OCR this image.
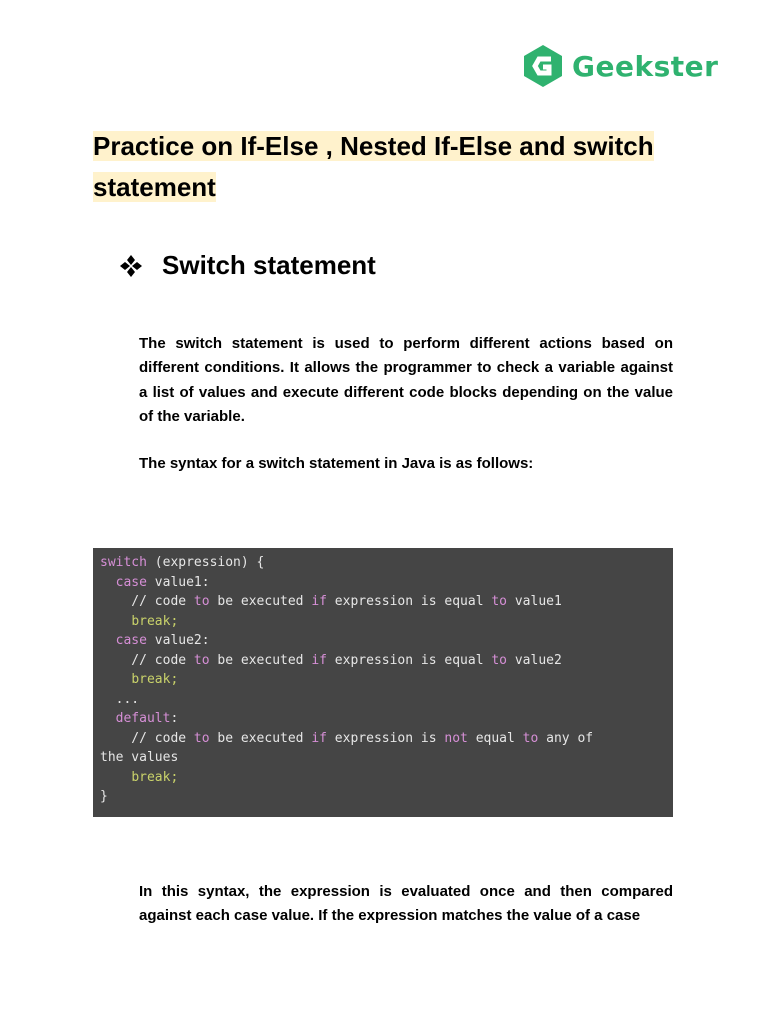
Geekster
Practice on If-Else , Nested If-Else and switch statement
Switch statement

The switch statement is used to perform different actions based on different conditions. It allows the programmer to check a variable against a list of values and execute different code blocks depending on the value of the variable.

The syntax for a switch statement in Java is as follows:

switch (expression) {
case value1:
// code to be executed if expression is equal to value1
break;
case value2:
// code to be executed if expression is equal to value2
break;
...
default:
// code to be executed if expression is not equal to any of
the values
break;
}

In this syntax, the expression is evaluated once and then compared against each case value. If the expression matches the value of a case
